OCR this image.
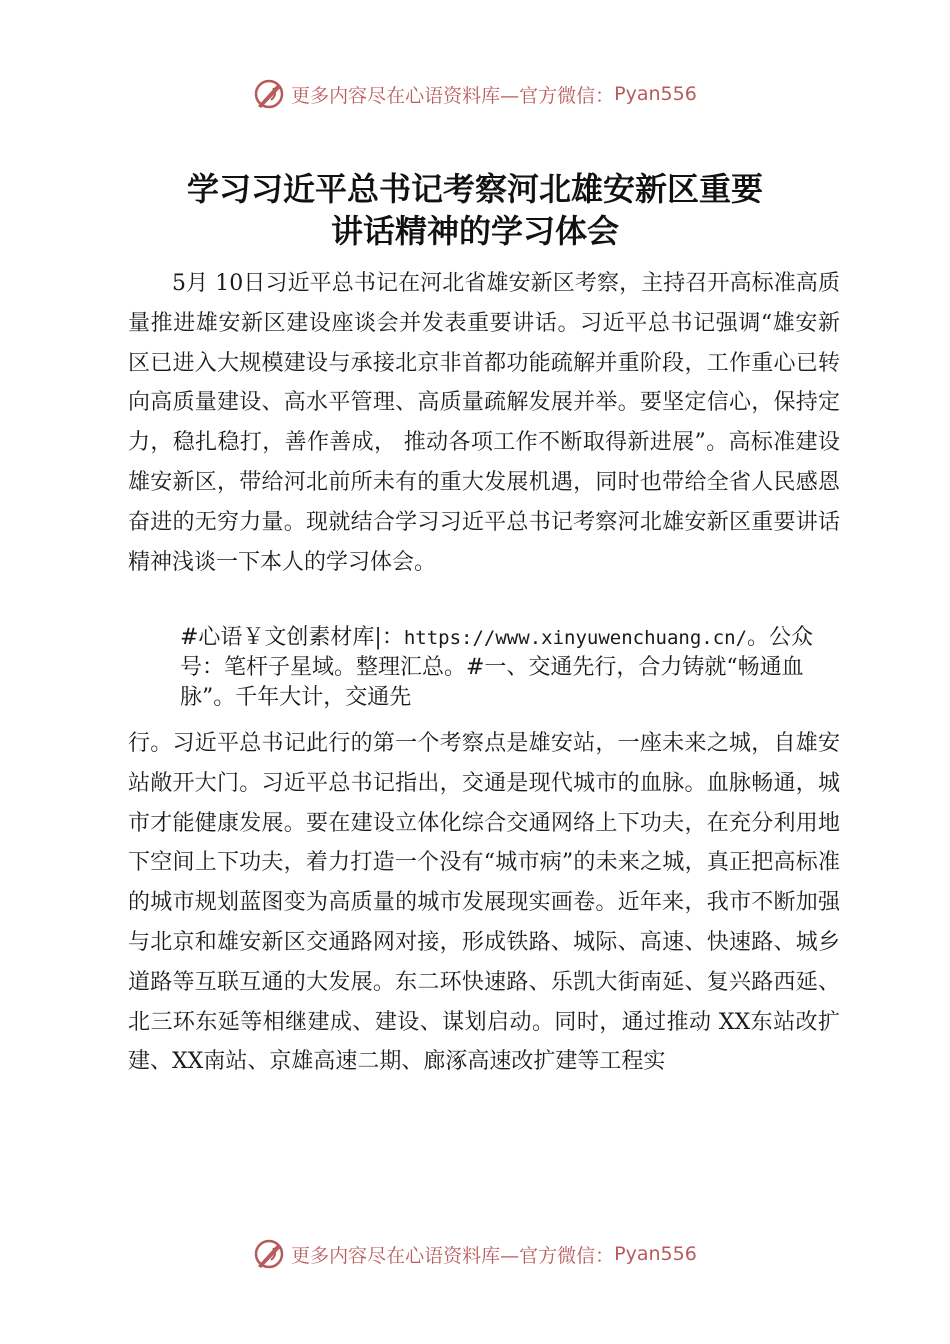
更多内容尽在心语资料库—官方微信： Pyan556
学习习近平总书记考察河北雄安新区重要
讲话精神的学习体会

5月 10日习近平总书记在河北省雄安新区考察，主持召开高标准高质量推进雄安新区建设座谈会并发表重要讲话。习近平总书记强调“雄安新区已进入大规模建设与承接北京非首都功能疏解并重阶段，工作重心已转向高质量建设、高水平管理、高质量疏解发展并举。要坚定信心，保持定力，稳扎稳打，善作善成， 推动各项工作不断取得新进展”。高标准建设雄安新区，带给河北前所未有的重大发展机遇，同时也带给全省人民感恩奋进的无穷力量。现就结合学习习近平总书记考察河北雄安新区重要讲话精神浅谈一下本人的学习体会。

#心语￥文创素材库|：https://www.xinyuwenchuang.cn/。公众号：笔杆子星域。整理汇总。#一、交通先行，合力铸就“畅通血脉”。千年大计，交通先

行。习近平总书记此行的第一个考察点是雄安站，一座未来之城，自雄安站敞开大门。习近平总书记指出，交通是现代城市的血脉。血脉畅通，城市才能健康发展。要在建设立体化综合交通网络上下功夫，在充分利用地下空间上下功夫，着力打造一个没有“城市病”的未来之城，真正把高标准的城市规划蓝图变为高质量的城市发展现实画卷。近年来，我市不断加强与北京和雄安新区交通路网对接，形成铁路、城际、高速、快速路、城乡道路等互联互通的大发展。东二环快速路、乐凯大街南延、复兴路西延、北三环东延等相继建成、建设、谋划启动。同时，通过推动 XX东站改扩建、XX南站、京雄高速二期、廊涿高速改扩建等工程实

更多内容尽在心语资料库—官方微信： Pyan556
